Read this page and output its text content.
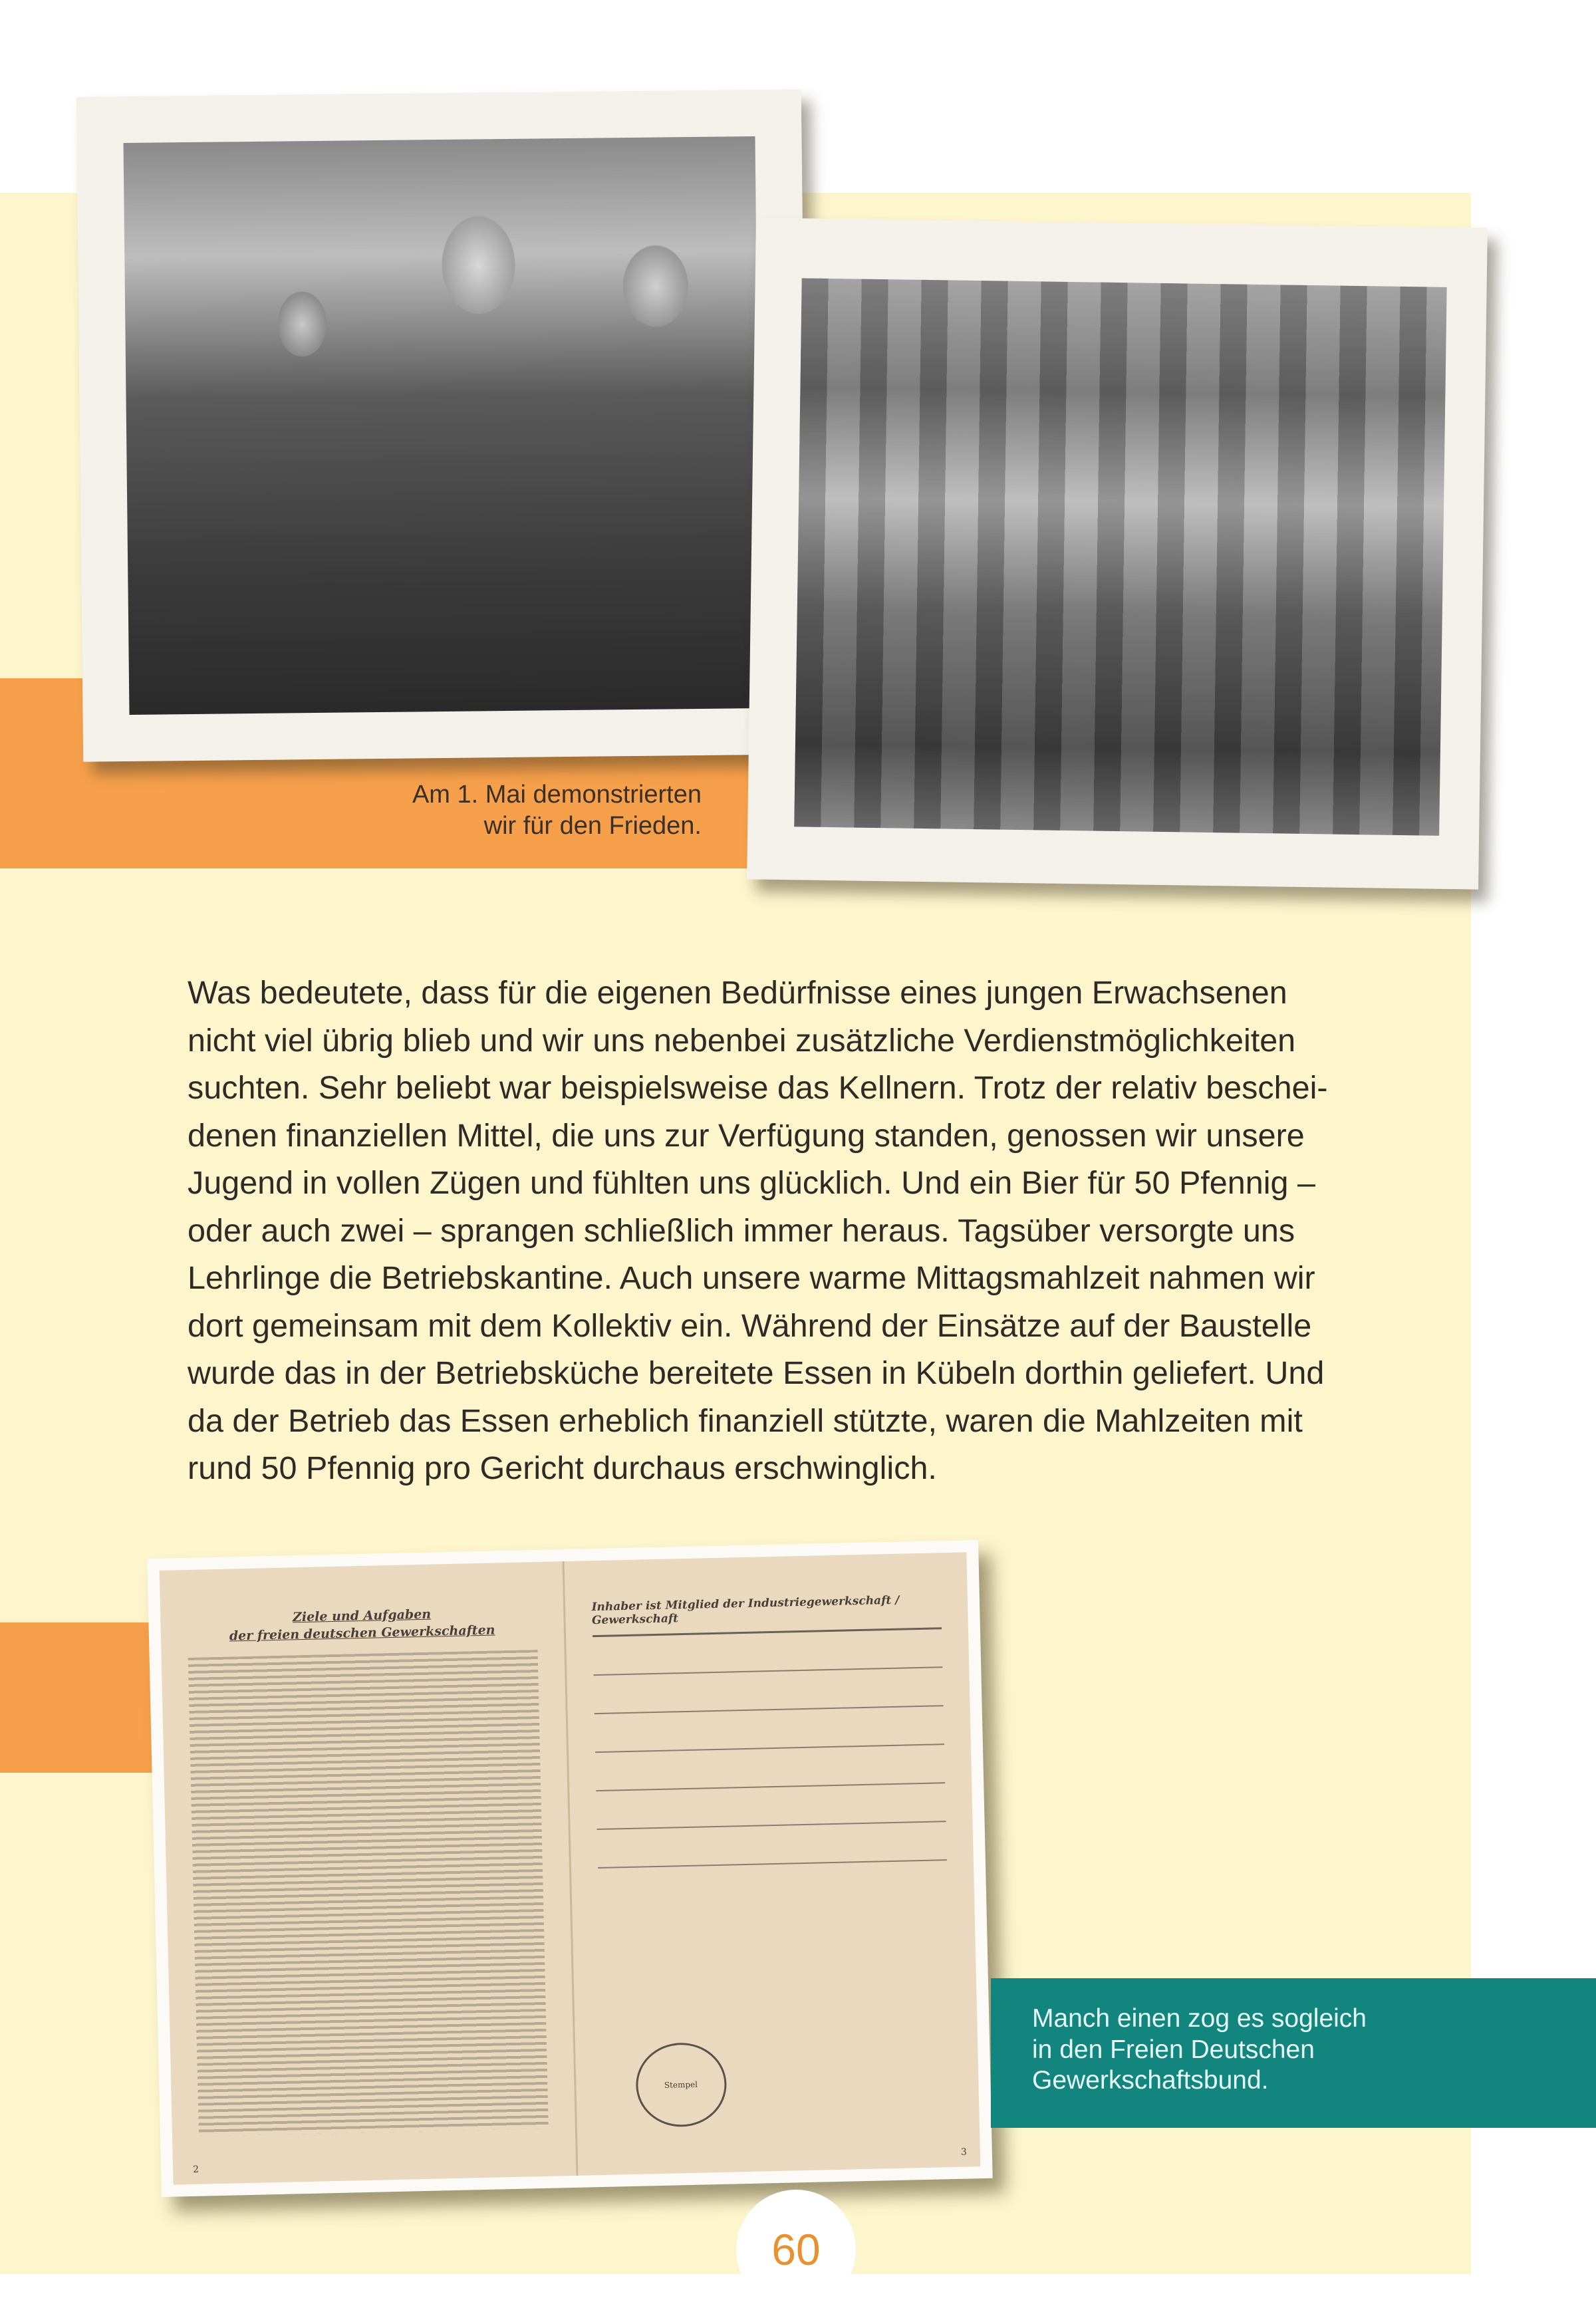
Am 1. Mai demonstrierten
wir für den Frieden.
Was bedeutete, dass für die eigenen Bedürfnisse eines jungen Erwachsenen
nicht viel übrig blieb und wir uns nebenbei zusätzliche Verdienstmöglichkeiten
suchten. Sehr beliebt war beispielsweise das Kellnern. Trotz der relativ beschei-
denen finanziellen Mittel, die uns zur Verfügung standen, genossen wir unsere
Jugend in vollen Zügen und fühlten uns glücklich. Und ein Bier für 50 Pfennig –
oder auch zwei – sprangen schließlich immer heraus. Tagsüber versorgte uns
Lehrlinge die Betriebskantine. Auch unsere warme Mittagsmahlzeit nahmen wir
dort gemeinsam mit dem Kollektiv ein. Während der Einsätze auf der Baustelle
wurde das in der Betriebsküche bereitete Essen in Kübeln dorthin geliefert. Und
da der Betrieb das Essen erheblich finanziell stützte, waren die Mahlzeiten mit
rund 50 Pfennig pro Gericht durchaus erschwinglich.
Ziele und Aufgaben
der freien deutschen Gewerkschaften
2
Inhaber ist Mitglied der Industriegewerkschaft / Gewerkschaft
Stempel
3
Manch einen zog es sogleich
in den Freien Deutschen
Gewerkschaftsbund.
60
